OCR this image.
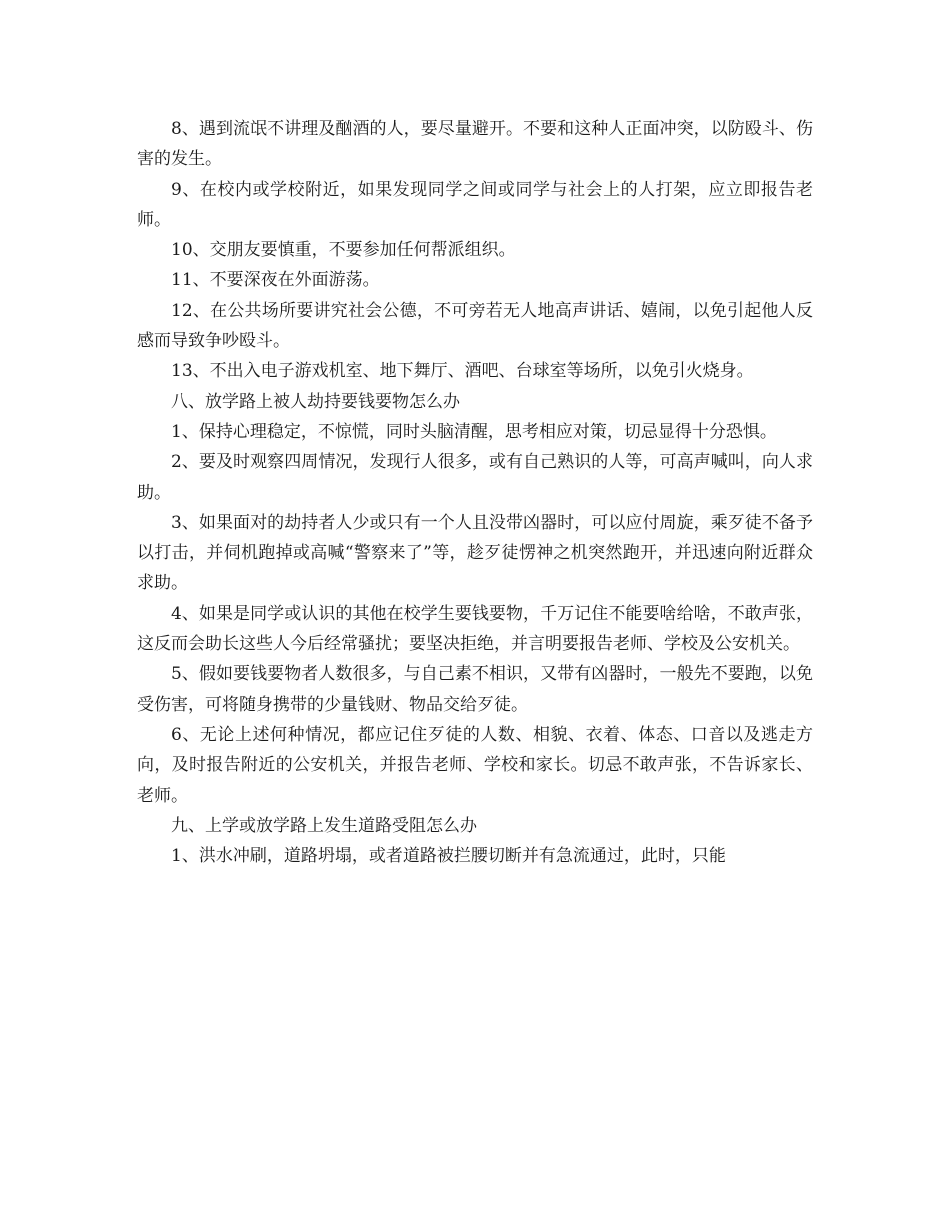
8、遇到流氓不讲理及酗酒的人，要尽量避开。不要和这种人正面冲突，以防殴斗、伤害的发生。

9、在校内或学校附近，如果发现同学之间或同学与社会上的人打架，应立即报告老师。

10、交朋友要慎重，不要参加任何帮派组织。

11、不要深夜在外面游荡。

12、在公共场所要讲究社会公德，不可旁若无人地高声讲话、嬉闹，以免引起他人反感而导致争吵殴斗。

13、不出入电子游戏机室、地下舞厅、酒吧、台球室等场所，以免引火烧身。

八、放学路上被人劫持要钱要物怎么办

1、保持心理稳定，不惊慌，同时头脑清醒，思考相应对策，切忌显得十分恐惧。

2、要及时观察四周情况，发现行人很多，或有自己熟识的人等，可高声喊叫，向人求助。

3、如果面对的劫持者人少或只有一个人且没带凶器时，可以应付周旋，乘歹徒不备予以打击，并伺机跑掉或高喊“警察来了”等，趁歹徒愣神之机突然跑开，并迅速向附近群众求助。

4、如果是同学或认识的其他在校学生要钱要物，千万记住不能要啥给啥，不敢声张，这反而会助长这些人今后经常骚扰；要坚决拒绝，并言明要报告老师、学校及公安机关。

5、假如要钱要物者人数很多，与自己素不相识，又带有凶器时，一般先不要跑，以免受伤害，可将随身携带的少量钱财、物品交给歹徒。

6、无论上述何种情况，都应记住歹徒的人数、相貌、衣着、体态、口音以及逃走方向，及时报告附近的公安机关，并报告老师、学校和家长。切忌不敢声张，不告诉家长、老师。

九、上学或放学路上发生道路受阻怎么办

1、洪水冲刷，道路坍塌，或者道路被拦腰切断并有急流通过，此时，只能
